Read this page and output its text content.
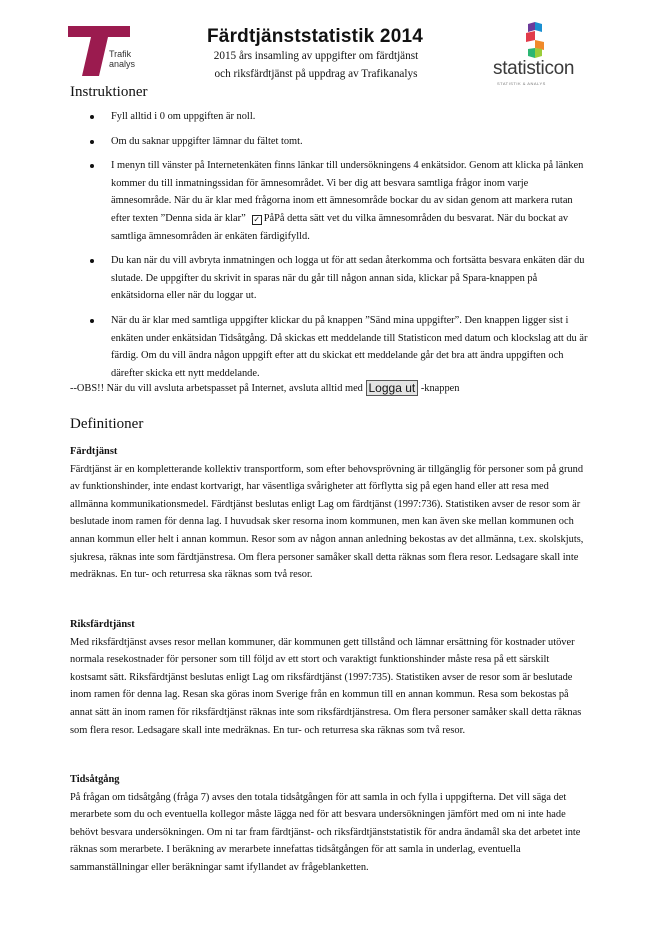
Trafik
analys
Färdtjänststatistik 2014
2015 års insamling av uppgifter om färdtjänst
och riksfärdtjänst på uppdrag av Trafikanalys	statisticon
STATISTIK & ANALYS
Instruktioner
Fyll alltid i 0 om uppgiften är noll.
Om du saknar uppgifter lämnar du fältet tomt.
I menyn till vänster på Internetenkäten finns länkar till undersökningens 4 enkätsidor. Genom att klicka på länken kommer du till inmatningssidan för ämnesområdet. Vi ber dig att besvara samtliga frågor inom varje ämnesområde. När du är klar med frågorna inom ett ämnesområde bockar du av sidan genom att markera rutan efter texten ”Denna sida är klar” ✓ PåPå detta sätt vet du vilka ämnesområden du besvarat. När du bockat av samtliga ämnesområden är enkäten färdigifylld.
Du kan när du vill avbryta inmatningen och logga ut för att sedan återkomma och fortsätta besvara enkäten där du slutade. De uppgifter du skrivit in sparas när du går till någon annan sida, klickar på Spara-knappen på enkätsidorna eller när du loggar ut.
När du är klar med samtliga uppgifter klickar du på knappen ”Sänd mina uppgifter”. Den knappen ligger sist i enkäten under enkätsidan Tidsåtgång. Då skickas ett meddelande till Statisticon med datum och klockslag att du är färdig. Om du vill ändra någon uppgift efter att du skickat ett meddelande går det bra att ändra uppgiften och därefter skicka ett nytt meddelande.
--OBS!! När du vill avsluta arbetspasset på Internet, avsluta alltid med Logga ut -knappen
Definitioner
Färdtjänst
Färdtjänst är en kompletterande kollektiv transportform, som efter behovsprövning är tillgänglig för personer som på grund av funktionshinder, inte endast kortvarigt, har väsentliga svårigheter att förflytta sig på egen hand eller att resa med allmänna kommunikationsmedel. Färdtjänst beslutas enligt Lag om färdtjänst (1997:736). Statistiken avser de resor som är beslutade inom ramen för denna lag. I huvudsak sker resorna inom kommunen, men kan även ske mellan kommunen och annan kommun eller helt i annan kommun. Resor som av någon annan anledning bekostas av det allmänna, t.ex. skolskjuts, sjukresa, räknas inte som färdtjänstresa. Om flera personer samåker skall detta räknas som flera resor. Ledsagare skall inte medräknas. En tur- och returresa ska räknas som två resor.
Riksfärdtjänst
Med riksfärdtjänst avses resor mellan kommuner, där kommunen gett tillstånd och lämnar ersättning för kostnader utöver normala resekostnader för personer som till följd av ett stort och varaktigt funktionshinder måste resa på ett särskilt kostsamt sätt. Riksfärdtjänst beslutas enligt Lag om riksfärdtjänst (1997:735). Statistiken avser de resor som är beslutade inom ramen för denna lag. Resan ska göras inom Sverige från en kommun till en annan kommun. Resa som bekostas på annat sätt än inom ramen för riksfärdtjänst räknas inte som riksfärdtjänstresa. Om flera personer samåker skall detta räknas som flera resor. Ledsagare skall inte medräknas. En tur- och returresa ska räknas som två resor.
Tidsåtgång
På frågan om tidsåtgång (fråga 7) avses den totala tidsåtgången för att samla in och fylla i uppgifterna. Det vill säga det merarbete som du och eventuella kollegor måste lägga ned för att besvara undersökningen jämfört med om ni inte hade behövt besvara undersökningen. Om ni tar fram färdtjänst- och riksfärdtjänststatistik för andra ändamål ska det arbetet inte räknas som merarbete. I beräkning av merarbete innefattas tidsåtgången för att samla in underlag, eventuella sammanställningar eller beräkningar samt ifyllandet av frågeblanketten.
